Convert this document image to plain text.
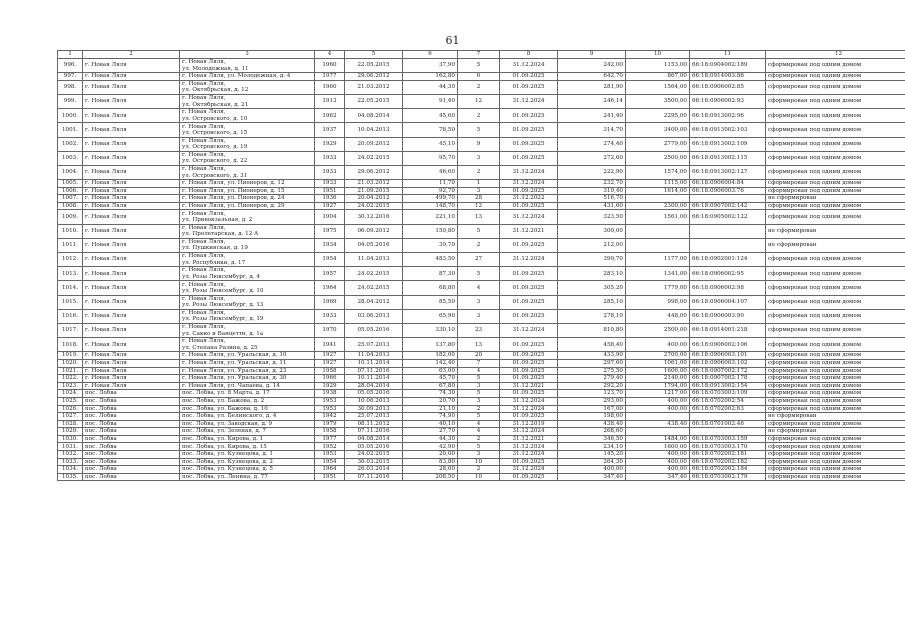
61
1	2	3	4	5	6	7	8	9	10	11	12
996.	г. Новая Ляля	г. Новая Ляля,
ул. Молодежная, д. 11	1960	22.05.2015	37,90	5	31.12.2024	242,00	1153,00	66:18:0904002:189	сформирован под одним домом
997.	г. Новая Ляля	г. Новая Ляля, ул. Молодежная, д. 4	1977	29.06.2012	162,80	6	01.09.2025	642,70	867,00	66:18:0914003:86	сформирован под одним домом
998.	г. Новая Ляля	г. Новая Ляля,
ул. Октябрьская, д. 12	1960	21.03.2012	44,30	2	01.09.2025	281,90	1564,00	66:18:0906002:85	сформирован под одним домом
999.	г. Новая Ляля	г. Новая Ляля,
ул. Октябрьская, д. 21	1913	22.05.2015	91,40	12	31.12.2024	246,14	3500,00	66:18:0906002:93	сформирован под одним домом
1000.	г. Новая Ляля	г. Новая Ляля,
ул. Островского, д. 10	1962	04.08.2014	45,60	2	01.09.2025	241,40	2295,00	66:18:0913002:96	сформирован под одним домом
1001.	г. Новая Ляля	г. Новая Ляля,
ул. Островского, д. 15	1937	10.04.2013	78,50	5	01.09.2025	314,70	3400,00	66:18:0913002:103	сформирован под одним домом
1002.	г. Новая Ляля	г. Новая Ляля,
ул. Островского, д. 19	1929	20.09.2012	45,10	9	01.09.2025	274,40	2779,00	66:18:0913002:109	сформирован под одним домом
1003.	г. Новая Ляля	г. Новая Ляля,
ул. Островского, д. 22	1933	24.02.2015	95,70	3	01.09.2025	272,60	2500,00	66:18:0913002:115	сформирован под одним домом
1004.	г. Новая Ляля	г. Новая Ляля,
ул. Островского, д. 31	1933	29.06.2012	46,60	2	31.12.2024	222,90	1574,00	66:18:0913002:127	сформирован под одним домом
1005.	г. Новая Ляля	г. Новая Ляля, ул. Пионеров, д. 12	1933	21.03.2012	11,70	1	31.12.2024	232,70	1115,00	66:18:0906004:84	сформирован под одним домом
1006.	г. Новая Ляля	г. Новая Ляля, ул. Пионеров, д. 15	1951	21.09.2015	92,70	3	01.09.2025	319,40	1614,00	66:18:0906003:76	сформирован под одним домом
1007.	г. Новая Ляля	г. Новая Ляля, ул. Пионеров, д. 24	1936	20.04.2012	499,70	28	31.12.2022	516,70			не сформирован
1008.	г. Новая Ляля	г. Новая Ляля, ул. Пионеров, д. 29	1927	24.02.2015	148,70	12	01.09.2025	431,60	2300,00	66:18:0907002:142	сформирован под одним домом
1009.	г. Новая Ляля	г. Новая Ляля,
ул. Привокзальная, д. 2	1904	30.12.2016	221,10	13	31.12.2024	323,50	1561,00	66:18:0905002:122	сформирован под одним домом
1010.	г. Новая Ляля	г. Новая Ляля,
ул. Пролетарская, д. 12 А	1975	06.09.2012	150,80	5	31.12.2021	300,00			не сформирован
1011.	г. Новая Ляля	г. Новая Ляля,
ул. Пушкинская, д. 19	1934	04.05.2016	39,70	2	01.09.2025	212,00			не сформирован
1012.	г. Новая Ляля	г. Новая Ляля,
ул. Республики, д. 17	1954	11.04.2013	483,50	27	31.12.2024	399,70	1177,00	66:18:0902001:124	сформирован под одним домом
1013.	г. Новая Ляля	г. Новая Ляля,
ул. Розы Люксембург, д. 4	1957	24.02.2015	87,30	5	01.09.2025	283,10	1341,00	66:18:0906002:95	сформирован под одним домом
1014.	г. Новая Ляля	г. Новая Ляля,
ул. Розы Люксембург, д. 10	1964	24.02.2015	68,80	4	01.09.2025	305,20	1779,00	66:18:0906002:98	сформирован под одним домом
1015.	г. Новая Ляля	г. Новая Ляля,
ул. Розы Люксембург, д. 13	1969	28.04.2012	85,50	3	01.09.2025	285,10	998,00	66:18:0906004:107	сформирован под одним домом
1016.	г. Новая Ляля	г. Новая Ляля,
ул. Розы Люксембург, д. 19	1933	03.06.2013	65,90	3	01.09.2025	278,10	448,00	66:18:0906003:90	сформирован под одним домом
1017.	г. Новая Ляля	г. Новая Ляля,
ул. Сакко и Ванцетти, д. 1а	1970	05.05.2016	330,10	23	31.12.2024	810,80	2500,00	66:18:0914001:218	сформирован под одним домом
1018.	г. Новая Ляля	г. Новая Ляля,
ул. Степана Разина, д. 25	1941	25.07.2013	137,80	13	01.09.2025	458,40	400,00	66:18:0906002:106	сформирован под одним домом
1019.	г. Новая Ляля	г. Новая Ляля, ул. Уральская, д. 10	1927	11.04.2013	182,00	20	01.09.2025	433,90	2700,00	66:18:0906003:101	сформирован под одним домом
1020.	г. Новая Ляля	г. Новая Ляля, ул. Уральская, д. 11	1927	10.11.2014	142,40	7	01.09.2025	297,60	1061,00	66:18:0906003:102	сформирован под одним домом
1021.	г. Новая Ляля	г. Новая Ляля, ул. Уральская, д. 23	1958	07.11.2016	63,00	4	01.09.2025	275,50	1606,00	66:18:0907002:172	сформирован под одним домом
1022.	г. Новая Ляля	г. Новая Ляля, ул. Уральская, д. 30	1966	10.11.2014	45,70	5	01.09.2025	279,40	2140,00	66:18:0907002:178	сформирован под одним домом
1023.	г. Новая Ляля	г. Новая Ляля, ул. Чапаева, д. 14	1929	28.04.2014	67,80	3	31.12.2021	292,20	1794,00	66:18:0913002:154	сформирован под одним домом
1024.	пос. Лобва	пос. Лобва, ул. 8 Марта, д. 17	1938	05.05.2016	74,30	5	01.09.2025	123,70	1217,00	66:18:0703003:109	сформирован под одним домом
1025.	пос. Лобва	пос. Лобва, ул. Бажова, д. 2	1953	10.06.2013	20,70	3	31.12.2024	293,00	400,00	66:18:0702002:54	сформирован под одним домом
1026.	пос. Лобва	пос. Лобва, ул. Бажова, д. 10	1953	30.09.2013	21,10	2	31.12.2024	167,00	400,00	66:18:0702002:63	сформирован под одним домом
1027.	пос. Лобва	пос. Лобва, ул. Белинского, д. 4	1942	25.07.2013	74,90	5	01.09.2025	198,60			не сформирован
1028.	пос. Лобва	пос. Лобва, ул. Заводская, д. 9	1979	08.11.2012	40,10	4	31.12.2019	438,40	438,40	66:18:0701002:46	сформирован под одним домом
1029.	пос. Лобва	пос. Лобва, ул. Зеленая, д. 7	1958	07.11.2016	27,70	4	31.12.2024	268,60			не сформирован
1030.	пос. Лобва	пос. Лобва, ул. Кирова, д. 1	1977	04.08.2014	44,30	2	31.12.2021	346,50	1484,00	66:18:0703003:159	сформирован под одним домом
1031.	пос. Лобва	пос. Лобва, ул. Кирова, д. 15	1952	05.05.2016	42,90	5	31.12.2024	234,10	1600,00	66:18:0703003:170	сформирован под одним домом
1032.	пос. Лобва	пос. Лобва, ул. Кузнецова, д. 1	1953	24.02.2015	20,00	3	31.12.2024	145,20	400,00	66:18:0702002:181	сформирован под одним домом
1033.	пос. Лобва	пос. Лобва, ул. Кузнецова, д. 2	1954	30.03.2015	83,80	10	01.09.2025	264,30	400,00	66:18:0702002:182	сформирован под одним домом
1034.	пос. Лобва	пос. Лобва, ул. Кузнецова, д. 5	1964	26.03.2014	28,00	2	31.12.2024	400,00	400,00	66:18:0702002:184	сформирован под одним домом
1035.	пос. Лобва	пос. Лобва, ул. Ленина, д. 77	1951	07.11.2016	208,50	10	01.09.2025	347,40	347,40	66:18:0703002:179	сформирован под одним домом
